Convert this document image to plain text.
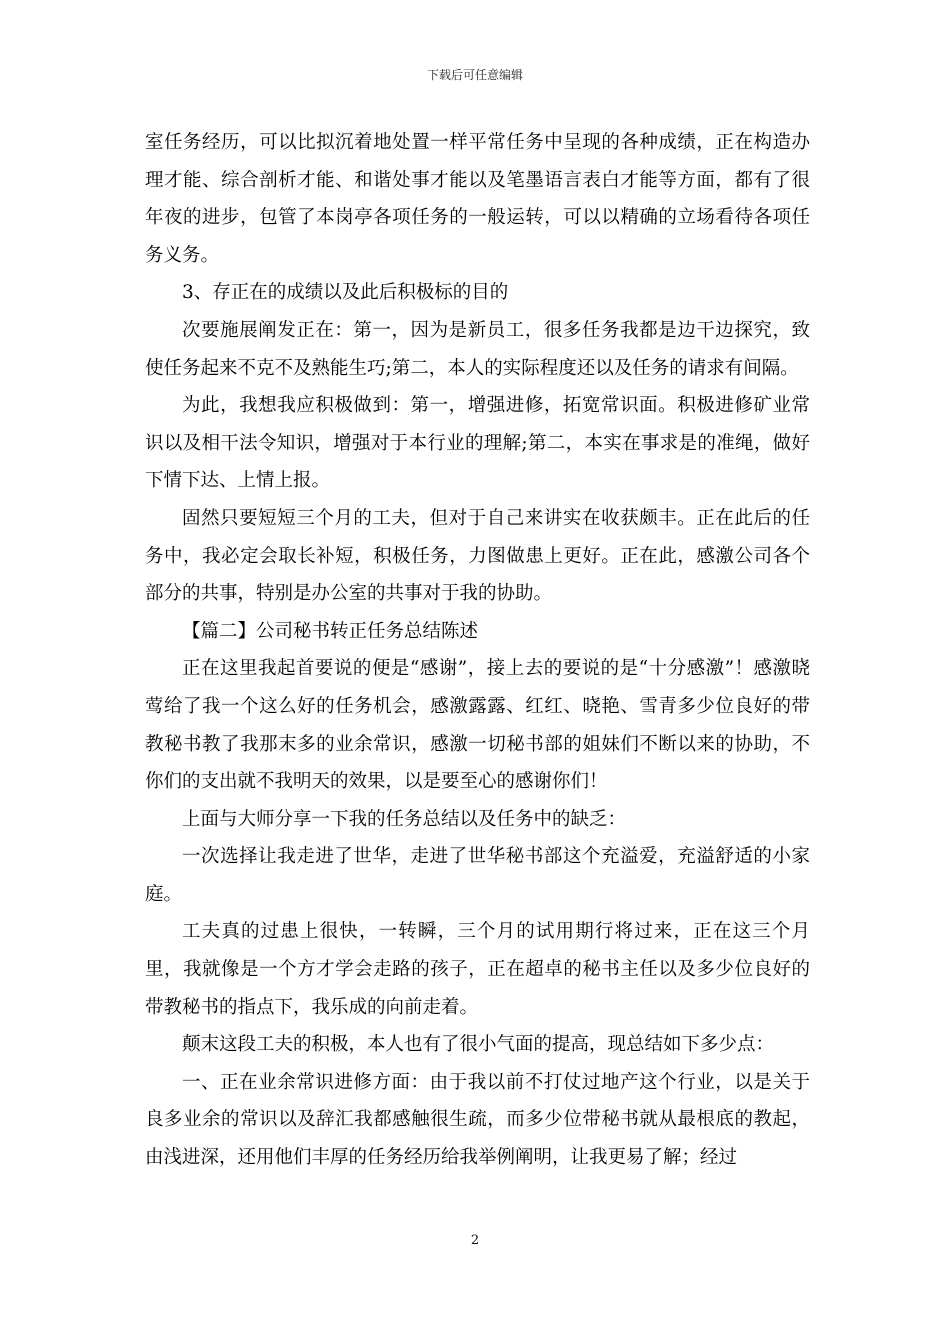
下载后可任意编辑

室任务经历，可以比拟沉着地处置一样平常任务中呈现的各种成绩，正在构造办理才能、综合剖析才能、和谐处事才能以及笔墨语言表白才能等方面，都有了很年夜的进步，包管了本岗亭各项任务的一般运转，可以以精确的立场看待各项任务义务。

3、存正在的成绩以及此后积极标的目的

次要施展阐发正在：第一，因为是新员工，很多任务我都是边干边探究，致使任务起来不克不及熟能生巧;第二，本人的实际程度还以及任务的请求有间隔。

为此，我想我应积极做到：第一，增强进修，拓宽常识面。积极进修矿业常识以及相干法令知识，增强对于本行业的理解;第二，本实在事求是的准绳，做好下情下达、上情上报。

固然只要短短三个月的工夫，但对于自己来讲实在收获颇丰。正在此后的任务中，我必定会取长补短，积极任务，力图做患上更好。正在此，感激公司各个部分的共事，特别是办公室的共事对于我的协助。

【篇二】公司秘书转正任务总结陈述

正在这里我起首要说的便是“感谢”，接上去的要说的是“十分感激”！感激晓莺给了我一个这么好的任务机会，感激露露、红红、晓艳、雪青多少位良好的带教秘书教了我那末多的业余常识，感激一切秘书部的姐妹们不断以来的协助，不你们的支出就不我明天的效果，以是要至心的感谢你们！

上面与大师分享一下我的任务总结以及任务中的缺乏：

一次选择让我走进了世华，走进了世华秘书部这个充溢爱，充溢舒适的小家庭。

工夫真的过患上很快，一转瞬，三个月的试用期行将过来，正在这三个月里，我就像是一个方才学会走路的孩子，正在超卓的秘书主任以及多少位良好的带教秘书的指点下，我乐成的向前走着。

颠末这段工夫的积极，本人也有了很小气面的提高，现总结如下多少点：

一、正在业余常识进修方面：由于我以前不打仗过地产这个行业，以是关于良多业余的常识以及辞汇我都感触很生疏，而多少位带秘书就从最根底的教起，由浅进深，还用他们丰厚的任务经历给我举例阐明，让我更易了解；经过

2
